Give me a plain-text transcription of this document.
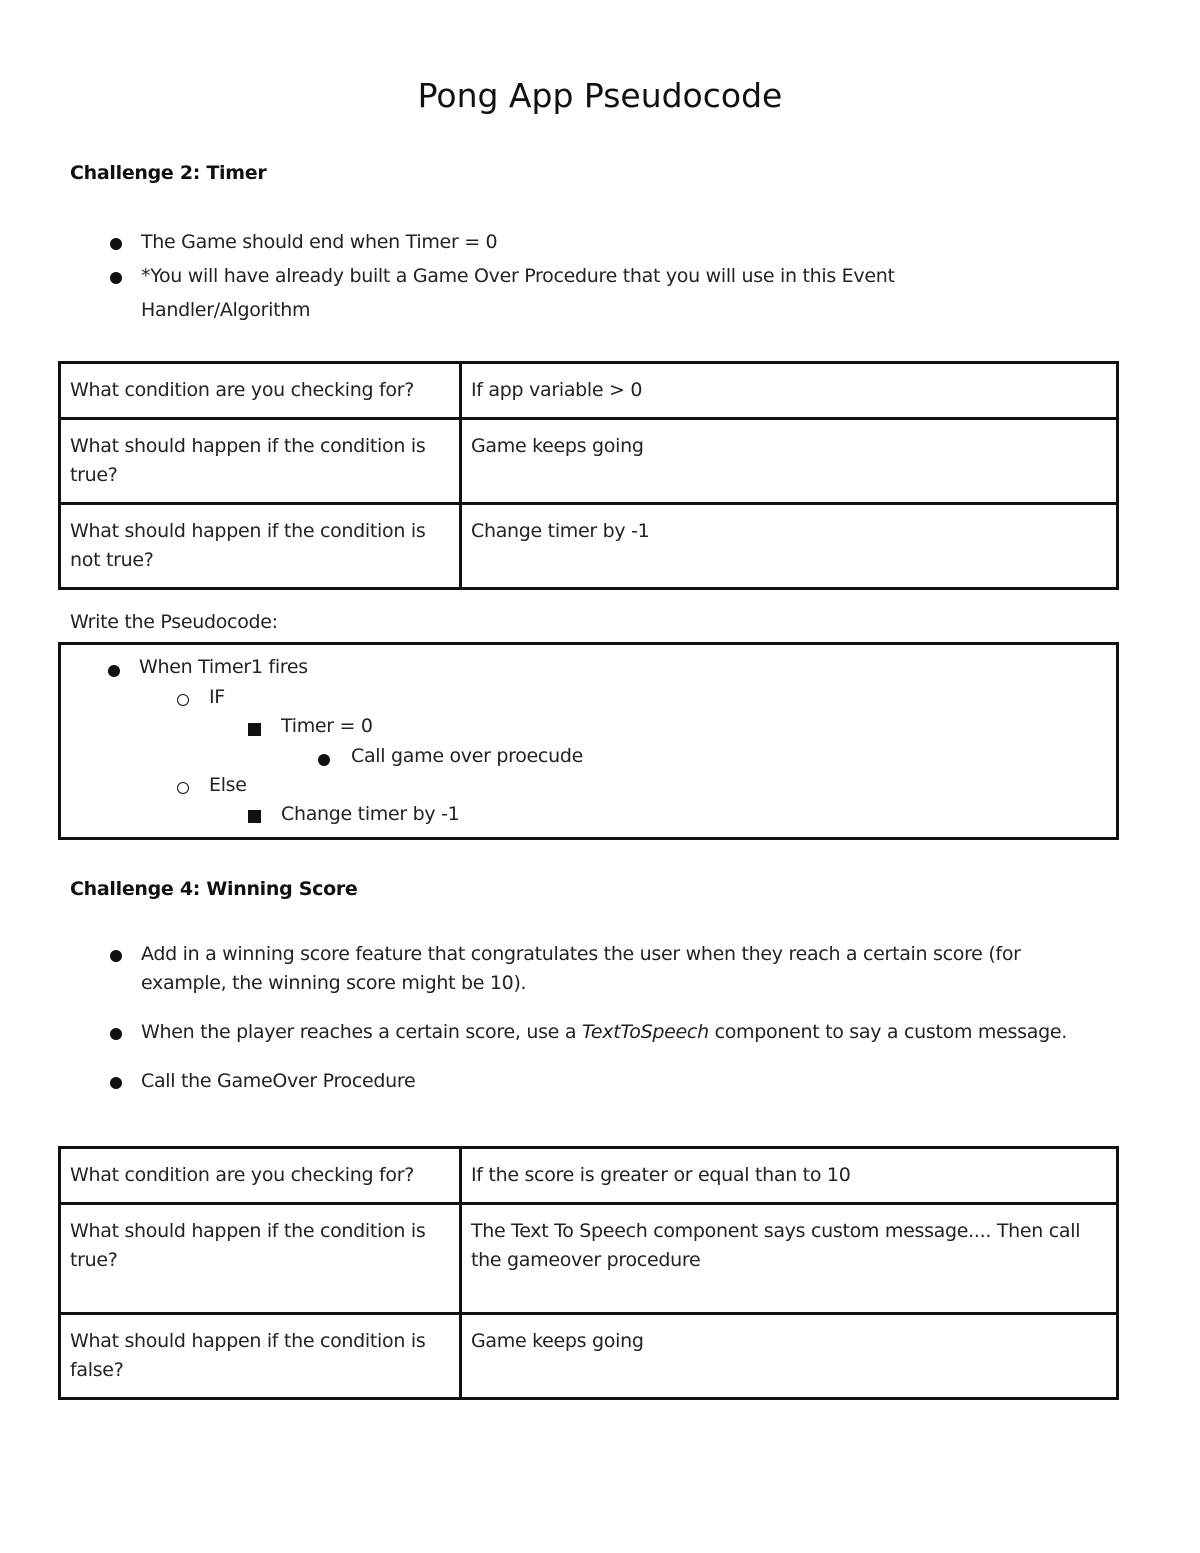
Pong App Pseudocode
Challenge 2: Timer
The Game should end when Timer = 0
*You will have already built a Game Over Procedure that you will use in this Event
Handler/Algorithm
What condition are you checking for?	If app variable > 0
What should happen if the condition is true?	Game keeps going
What should happen if the condition is not true?	Change timer by -1
Write the Pseudocode:
When Timer1 fires
IF
Timer = 0
Call game over proecude
Else
Change timer by -1
Challenge 4: Winning Score
Add in a winning score feature that congratulates the user when they reach a certain score (for
example, the winning score might be 10).
When the player reaches a certain score, use a TextToSpeech component to say a custom message.
Call the GameOver Procedure
What condition are you checking for?	If the score is greater or equal than to 10
What should happen if the condition is true?	The Text To Speech component says custom message.... Then call the gameover procedure
What should happen if the condition is false?	Game keeps going
